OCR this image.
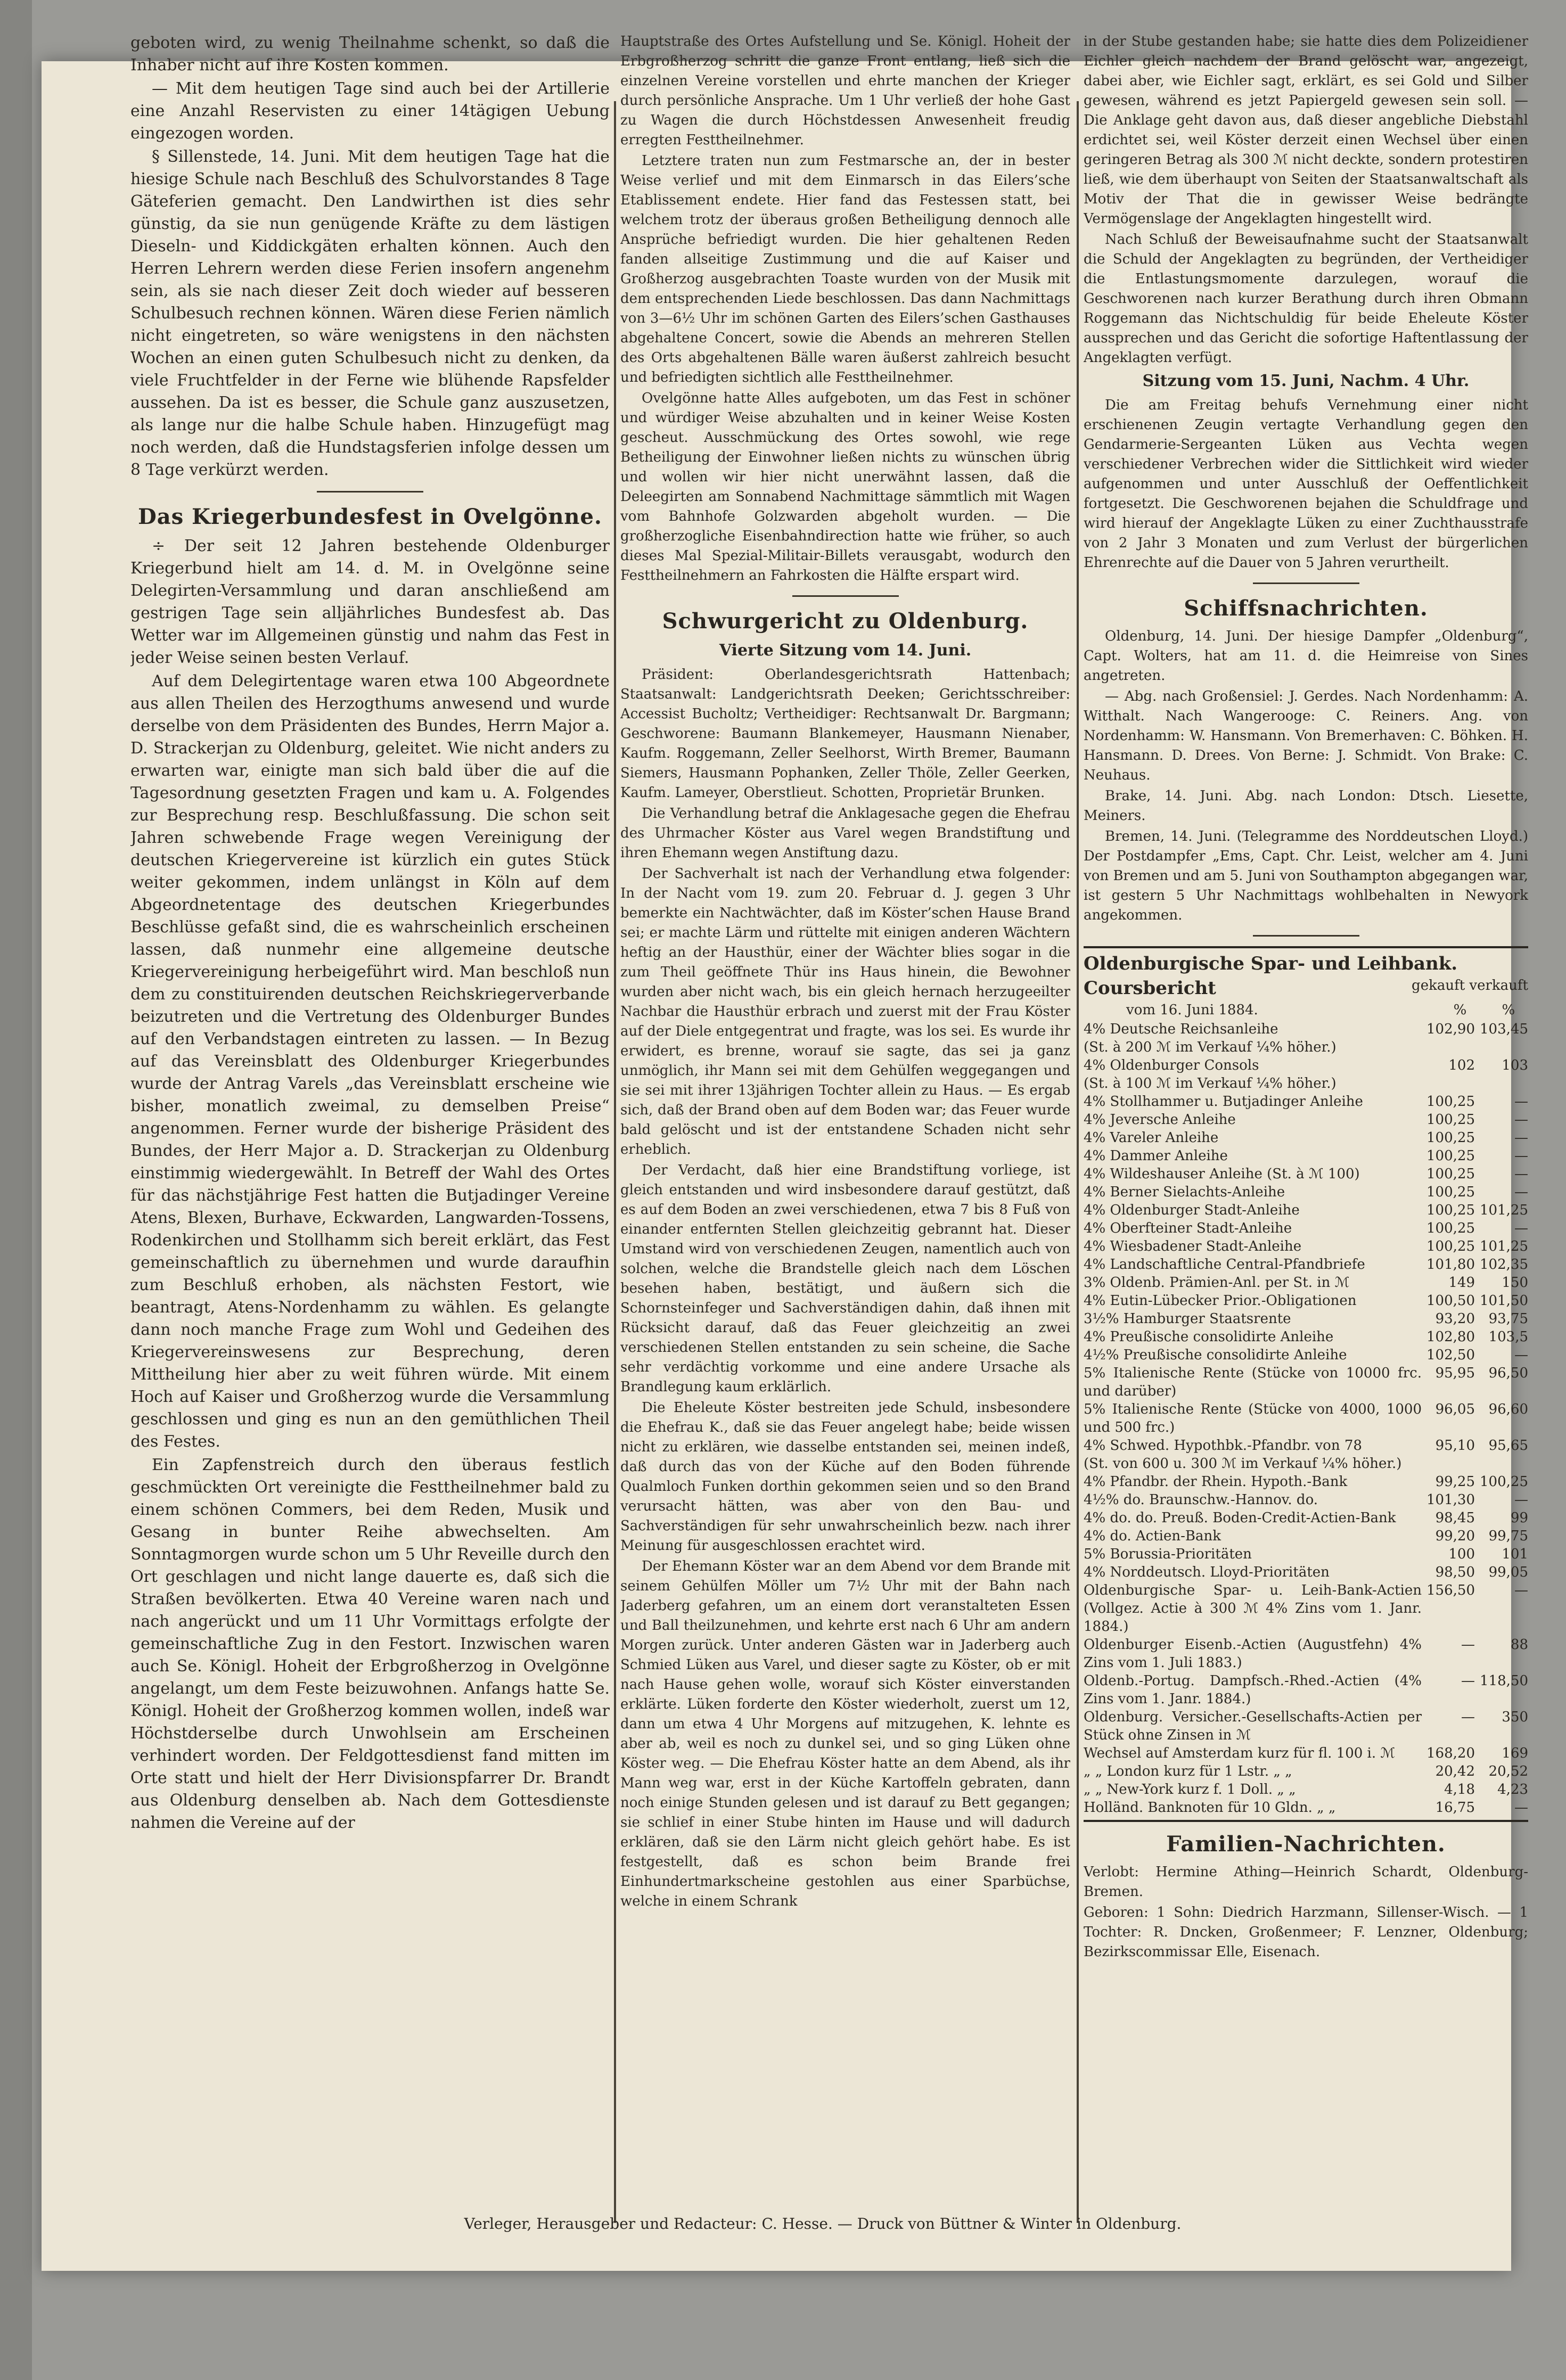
geboten wird, zu wenig Theilnahme schenkt, so daß die Inhaber nicht auf ihre Kosten kommen.

— Mit dem heutigen Tage sind auch bei der Artillerie eine Anzahl Reservisten zu einer 14tägigen Uebung eingezogen worden.

§ Sillenstede, 14. Juni. Mit dem heutigen Tage hat die hiesige Schule nach Beschluß des Schulvorstandes 8 Tage Gäteferien gemacht. Den Landwirthen ist dies sehr günstig, da sie nun genügende Kräfte zu dem lästigen Dieseln- und Kiddickgäten erhalten können. Auch den Herren Lehrern werden diese Ferien insofern angenehm sein, als sie nach dieser Zeit doch wieder auf besseren Schulbesuch rechnen können. Wären diese Ferien nämlich nicht eingetreten, so wäre wenigstens in den nächsten Wochen an einen guten Schulbesuch nicht zu denken, da viele Fruchtfelder in der Ferne wie blühende Rapsfelder aussehen. Da ist es besser, die Schule ganz auszusetzen, als lange nur die halbe Schule haben. Hinzugefügt mag noch werden, daß die Hundstagsferien infolge dessen um 8 Tage verkürzt werden.

Das Kriegerbundesfest in Ovelgönne.

÷ Der seit 12 Jahren bestehende Oldenburger Kriegerbund hielt am 14. d. M. in Ovelgönne seine Delegirten-Versammlung und daran anschließend am gestrigen Tage sein alljährliches Bundesfest ab. Das Wetter war im Allgemeinen günstig und nahm das Fest in jeder Weise seinen besten Verlauf.

Auf dem Delegirtentage waren etwa 100 Abgeordnete aus allen Theilen des Herzogthums anwesend und wurde derselbe von dem Präsidenten des Bundes, Herrn Major a. D. Strackerjan zu Oldenburg, geleitet. Wie nicht anders zu erwarten war, einigte man sich bald über die auf die Tagesordnung gesetzten Fragen und kam u. A. Folgendes zur Besprechung resp. Beschlußfassung. Die schon seit Jahren schwebende Frage wegen Vereinigung der deutschen Kriegervereine ist kürzlich ein gutes Stück weiter gekommen, indem unlängst in Köln auf dem Abgeordnetentage des deutschen Kriegerbundes Beschlüsse gefaßt sind, die es wahrscheinlich erscheinen lassen, daß nunmehr eine allgemeine deutsche Kriegervereinigung herbeigeführt wird. Man beschloß nun dem zu constituirenden deutschen Reichskriegerverbande beizutreten und die Vertretung des Oldenburger Bundes auf den Verbandstagen eintreten zu lassen. — In Bezug auf das Vereinsblatt des Oldenburger Kriegerbundes wurde der Antrag Varels „das Vereinsblatt erscheine wie bisher, monatlich zweimal, zu demselben Preise“ angenommen. Ferner wurde der bisherige Präsident des Bundes, der Herr Major a. D. Strackerjan zu Oldenburg einstimmig wiedergewählt. In Betreff der Wahl des Ortes für das nächstjährige Fest hatten die Butjadinger Vereine Atens, Blexen, Burhave, Eckwarden, Langwarden-Tossens, Rodenkirchen und Stollhamm sich bereit erklärt, das Fest gemeinschaftlich zu übernehmen und wurde daraufhin zum Beschluß erhoben, als nächsten Festort, wie beantragt, Atens-Nordenhamm zu wählen. Es gelangte dann noch manche Frage zum Wohl und Gedeihen des Kriegervereinswesens zur Besprechung, deren Mittheilung hier aber zu weit führen würde. Mit einem Hoch auf Kaiser und Großherzog wurde die Versammlung geschlossen und ging es nun an den gemüthlichen Theil des Festes.

Ein Zapfenstreich durch den überaus festlich geschmückten Ort vereinigte die Festtheilnehmer bald zu einem schönen Commers, bei dem Reden, Musik und Gesang in bunter Reihe abwechselten. Am Sonntagmorgen wurde schon um 5 Uhr Reveille durch den Ort geschlagen und nicht lange dauerte es, daß sich die Straßen bevölkerten. Etwa 40 Vereine waren nach und nach angerückt und um 11 Uhr Vormittags erfolgte der gemeinschaftliche Zug in den Festort. Inzwischen waren auch Se. Königl. Hoheit der Erbgroßherzog in Ovelgönne angelangt, um dem Feste beizuwohnen. Anfangs hatte Se. Königl. Hoheit der Großherzog kommen wollen, indeß war Höchstderselbe durch Unwohlsein am Erscheinen verhindert worden. Der Feldgottesdienst fand mitten im Orte statt und hielt der Herr Divisionspfarrer Dr. Brandt aus Oldenburg denselben ab. Nach dem Gottesdienste nahmen die Vereine auf der

Hauptstraße des Ortes Aufstellung und Se. Königl. Hoheit der Erbgroßherzog schritt die ganze Front entlang, ließ sich die einzelnen Vereine vorstellen und ehrte manchen der Krieger durch persönliche Ansprache. Um 1 Uhr verließ der hohe Gast zu Wagen die durch Höchstdessen Anwesenheit freudig erregten Festtheilnehmer.

Letztere traten nun zum Festmarsche an, der in bester Weise verlief und mit dem Einmarsch in das Eilers’sche Etablissement endete. Hier fand das Festessen statt, bei welchem trotz der überaus großen Betheiligung dennoch alle Ansprüche befriedigt wurden. Die hier gehaltenen Reden fanden allseitige Zustimmung und die auf Kaiser und Großherzog ausgebrachten Toaste wurden von der Musik mit dem entsprechenden Liede beschlossen. Das dann Nachmittags von 3—6½ Uhr im schönen Garten des Eilers’schen Gasthauses abgehaltene Concert, sowie die Abends an mehreren Stellen des Orts abgehaltenen Bälle waren äußerst zahlreich besucht und befriedigten sichtlich alle Festtheilnehmer.

Ovelgönne hatte Alles aufgeboten, um das Fest in schöner und würdiger Weise abzuhalten und in keiner Weise Kosten gescheut. Ausschmückung des Ortes sowohl, wie rege Betheiligung der Einwohner ließen nichts zu wünschen übrig und wollen wir hier nicht unerwähnt lassen, daß die Deleegirten am Sonnabend Nachmittage sämmtlich mit Wagen vom Bahnhofe Golzwarden abgeholt wurden. — Die großherzogliche Eisenbahndirection hatte wie früher, so auch dieses Mal Spezial-Militair-Billets verausgabt, wodurch den Festtheilnehmern an Fahrkosten die Hälfte erspart wird.

Schwurgericht zu Oldenburg.
Vierte Sitzung vom 14. Juni.

Präsident: Oberlandesgerichtsrath Hattenbach; Staatsanwalt: Landgerichtsrath Deeken; Gerichtsschreiber: Accessist Bucholtz; Vertheidiger: Rechtsanwalt Dr. Bargmann; Geschworene: Baumann Blankemeyer, Hausmann Nienaber, Kaufm. Roggemann, Zeller Seelhorst, Wirth Bremer, Baumann Siemers, Hausmann Pophanken, Zeller Thöle, Zeller Geerken, Kaufm. Lameyer, Oberstlieut. Schotten, Proprietär Brunken.

Die Verhandlung betraf die Anklagesache gegen die Ehefrau des Uhrmacher Köster aus Varel wegen Brandstiftung und ihren Ehemann wegen Anstiftung dazu.

Der Sachverhalt ist nach der Verhandlung etwa folgender: In der Nacht vom 19. zum 20. Februar d. J. gegen 3 Uhr bemerkte ein Nachtwächter, daß im Köster’schen Hause Brand sei; er machte Lärm und rüttelte mit einigen anderen Wächtern heftig an der Hausthür, einer der Wächter blies sogar in die zum Theil geöffnete Thür ins Haus hinein, die Bewohner wurden aber nicht wach, bis ein gleich hernach herzugeeilter Nachbar die Hausthür erbrach und zuerst mit der Frau Köster auf der Diele entgegentrat und fragte, was los sei. Es wurde ihr erwidert, es brenne, worauf sie sagte, das sei ja ganz unmöglich, ihr Mann sei mit dem Gehülfen weggegangen und sie sei mit ihrer 13jährigen Tochter allein zu Haus. — Es ergab sich, daß der Brand oben auf dem Boden war; das Feuer wurde bald gelöscht und ist der entstandene Schaden nicht sehr erheblich.

Der Verdacht, daß hier eine Brandstiftung vorliege, ist gleich entstanden und wird insbesondere darauf gestützt, daß es auf dem Boden an zwei verschiedenen, etwa 7 bis 8 Fuß von einander entfernten Stellen gleichzeitig gebrannt hat. Dieser Umstand wird von verschiedenen Zeugen, namentlich auch von solchen, welche die Brandstelle gleich nach dem Löschen besehen haben, bestätigt, und äußern sich die Schornsteinfeger und Sachverständigen dahin, daß ihnen mit Rücksicht darauf, daß das Feuer gleichzeitig an zwei verschiedenen Stellen entstanden zu sein scheine, die Sache sehr verdächtig vorkomme und eine andere Ursache als Brandlegung kaum erklärlich.

Die Eheleute Köster bestreiten jede Schuld, insbesondere die Ehefrau K., daß sie das Feuer angelegt habe; beide wissen nicht zu erklären, wie dasselbe entstanden sei, meinen indeß, daß durch das von der Küche auf den Boden führende Qualmloch Funken dorthin gekommen seien und so den Brand verursacht hätten, was aber von den Bau- und Sachverständigen für sehr unwahrscheinlich bezw. nach ihrer Meinung für ausgeschlossen erachtet wird.

Der Ehemann Köster war an dem Abend vor dem Brande mit seinem Gehülfen Möller um 7½ Uhr mit der Bahn nach Jaderberg gefahren, um an einem dort veranstalteten Essen und Ball theilzunehmen, und kehrte erst nach 6 Uhr am andern Morgen zurück. Unter anderen Gästen war in Jaderberg auch Schmied Lüken aus Varel, und dieser sagte zu Köster, ob er mit nach Hause gehen wolle, worauf sich Köster einverstanden erklärte. Lüken forderte den Köster wiederholt, zuerst um 12, dann um etwa 4 Uhr Morgens auf mitzugehen, K. lehnte es aber ab, weil es noch zu dunkel sei, und so ging Lüken ohne Köster weg. — Die Ehefrau Köster hatte an dem Abend, als ihr Mann weg war, erst in der Küche Kartoffeln gebraten, dann noch einige Stunden gelesen und ist darauf zu Bett gegangen; sie schlief in einer Stube hinten im Hause und will dadurch erklären, daß sie den Lärm nicht gleich gehört habe. Es ist festgestellt, daß es schon beim Brande frei Einhundertmarkscheine gestohlen aus einer Sparbüchse, welche in einem Schrank

in der Stube gestanden habe; sie hatte dies dem Polizeidiener Eichler gleich nachdem der Brand gelöscht war, angezeigt, dabei aber, wie Eichler sagt, erklärt, es sei Gold und Silber gewesen, während es jetzt Papiergeld gewesen sein soll. — Die Anklage geht davon aus, daß dieser angebliche Diebstahl erdichtet sei, weil Köster derzeit einen Wechsel über einen geringeren Betrag als 300 ℳ nicht deckte, sondern protestiren ließ, wie dem überhaupt von Seiten der Staatsanwaltschaft als Motiv der That die in gewisser Weise bedrängte Vermögenslage der Angeklagten hingestellt wird.

Nach Schluß der Beweisaufnahme sucht der Staatsanwalt die Schuld der Angeklagten zu begründen, der Vertheidiger die Entlastungsmomente darzulegen, worauf die Geschworenen nach kurzer Berathung durch ihren Obmann Roggemann das Nichtschuldig für beide Eheleute Köster aussprechen und das Gericht die sofortige Haftentlassung der Angeklagten verfügt.

Sitzung vom 15. Juni, Nachm. 4 Uhr.

Die am Freitag behufs Vernehmung einer nicht erschienenen Zeugin vertagte Verhandlung gegen den Gendarmerie-Sergeanten Lüken aus Vechta wegen verschiedener Verbrechen wider die Sittlichkeit wird wieder aufgenommen und unter Ausschluß der Oeffentlichkeit fortgesetzt. Die Geschworenen bejahen die Schuldfrage und wird hierauf der Angeklagte Lüken zu einer Zuchthausstrafe von 2 Jahr 3 Monaten und zum Verlust der bürgerlichen Ehrenrechte auf die Dauer von 5 Jahren verurtheilt.

Schiffsnachrichten.

Oldenburg, 14. Juni. Der hiesige Dampfer „Oldenburg“, Capt. Wolters, hat am 11. d. die Heimreise von Sines angetreten.

— Abg. nach Großensiel: J. Gerdes. Nach Nordenhamm: A. Witthalt. Nach Wangerooge: C. Reiners. Ang. von Nordenhamm: W. Hansmann. Von Bremerhaven: C. Böhken. H. Hansmann. D. Drees. Von Berne: J. Schmidt. Von Brake: C. Neuhaus.

Brake, 14. Juni. Abg. nach London: Dtsch. Liesette, Meiners.

Bremen, 14. Juni. (Telegramme des Norddeutschen Lloyd.) Der Postdampfer „Ems, Capt. Chr. Leist, welcher am 4. Juni von Bremen und am 5. Juni von Southampton abgegangen war, ist gestern 5 Uhr Nachmittags wohlbehalten in Newyork angekommen.

Oldenburgische Spar- und Leihbank.
Coursbericht	gekauft verkauft
vom 16. Juni 1884.	%	%
4% Deutsche Reichsanleihe	102,90	103,45
(St. à 200 ℳ im Verkauf ¼% höher.)		
4% Oldenburger Consols	102	103
(St. à 100 ℳ im Verkauf ¼% höher.)		
4% Stollhammer u. Butjadinger Anleihe	100,25	—
4% Jeversche Anleihe	100,25	—
4% Vareler Anleihe	100,25	—
4% Dammer Anleihe	100,25	—
4% Wildeshauser Anleihe (St. à ℳ 100)	100,25	—
4% Berner Sielachts-Anleihe	100,25	—
4% Oldenburger Stadt-Anleihe	100,25	101,25
4% Oberfteiner Stadt-Anleihe	100,25	—
4% Wiesbadener Stadt-Anleihe	100,25	101,25
4% Landschaftliche Central-Pfandbriefe	101,80	102,35
3% Oldenb. Prämien-Anl. per St. in ℳ	149	150
4% Eutin-Lübecker Prior.-Obligationen	100,50	101,50
3½% Hamburger Staatsrente	93,20	93,75
4% Preußische consolidirte Anleihe	102,80	103,5
4½% Preußische consolidirte Anleihe	102,50	—
5% Italienische Rente (Stücke von 10000 frc. und darüber)	95,95	96,50
5% Italienische Rente (Stücke von 4000, 1000 und 500 frc.)	96,05	96,60
4% Schwed. Hypothbk.-Pfandbr. von 78	95,10	95,65
(St. von 600 u. 300 ℳ im Verkauf ¼% höher.)		
4% Pfandbr. der Rhein. Hypoth.-Bank	99,25	100,25
4½% do. Braunschw.-Hannov. do.	101,30	—
4% do. do. Preuß. Boden-Credit-Actien-Bank	98,45	99
4% do. Actien-Bank	99,20	99,75
5% Borussia-Prioritäten	100	101
4% Norddeutsch. Lloyd-Prioritäten	98,50	99,05
Oldenburgische Spar- u. Leih-Bank-Actien (Vollgez. Actie à 300 ℳ 4% Zins vom 1. Janr. 1884.)	156,50	—
Oldenburger Eisenb.-Actien (Augustfehn) 4% Zins vom 1. Juli 1883.)	—	88
Oldenb.-Portug. Dampfsch.-Rhed.-Actien (4% Zins vom 1. Janr. 1884.)	—	118,50
Oldenburg. Versicher.-Gesellschafts-Actien per Stück ohne Zinsen in ℳ	—	350
Wechsel auf Amsterdam kurz für fl. 100 i. ℳ	168,20	169
„ „ London kurz für 1 Lstr. „ „	20,42	20,52
„ „ New-York kurz f. 1 Doll. „ „	4,18	4,23
Holländ. Banknoten für 10 Gldn. „ „	16,75	—
Familien-Nachrichten.

Verlobt: Hermine Athing—Heinrich Schardt, Oldenburg-Bremen.

Geboren: 1 Sohn: Diedrich Harzmann, Sillenser-Wisch. — 1 Tochter: R. Dncken, Großenmeer; F. Lenzner, Oldenburg; Bezirkscommissar Elle, Eisenach.

Verleger, Herausgeber und Redacteur: C. Hesse. — Druck von Büttner & Winter in Oldenburg.
